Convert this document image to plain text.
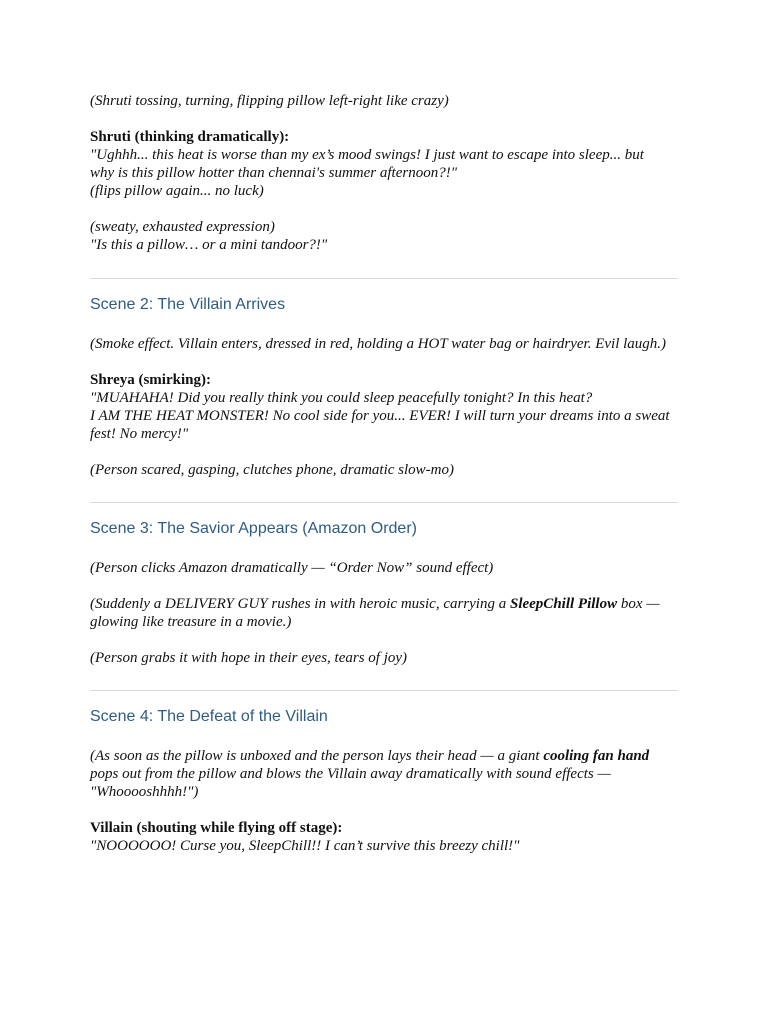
(Shruti tossing, turning, flipping pillow left-right like crazy)

Shruti (thinking dramatically):

"Ughhh... this heat is worse than my ex’s mood swings! I just want to escape into sleep... but

why is this pillow hotter than chennai's summer afternoon?!"

(flips pillow again... no luck)

(sweaty, exhausted expression)

"Is this a pillow… or a mini tandoor?!"

Scene 2: The Villain Arrives

(Smoke effect. Villain enters, dressed in red, holding a HOT water bag or hairdryer. Evil laugh.)

Shreya (smirking):

"MUAHAHA! Did you really think you could sleep peacefully tonight? In this heat?

I AM THE HEAT MONSTER! No cool side for you... EVER! I will turn your dreams into a sweat

fest! No mercy!"

(Person scared, gasping, clutches phone, dramatic slow-mo)

Scene 3: The Savior Appears (Amazon Order)

(Person clicks Amazon dramatically — “Order Now” sound effect)

(Suddenly a DELIVERY GUY rushes in with heroic music, carrying a SleepChill Pillow box —

glowing like treasure in a movie.)

(Person grabs it with hope in their eyes, tears of joy)

Scene 4: The Defeat of the Villain

(As soon as the pillow is unboxed and the person lays their head — a giant cooling fan hand

pops out from the pillow and blows the Villain away dramatically with sound effects —

"Whooooshhhh!")

Villain (shouting while flying off stage):

"NOOOOOO! Curse you, SleepChill!! I can’t survive this breezy chill!"
